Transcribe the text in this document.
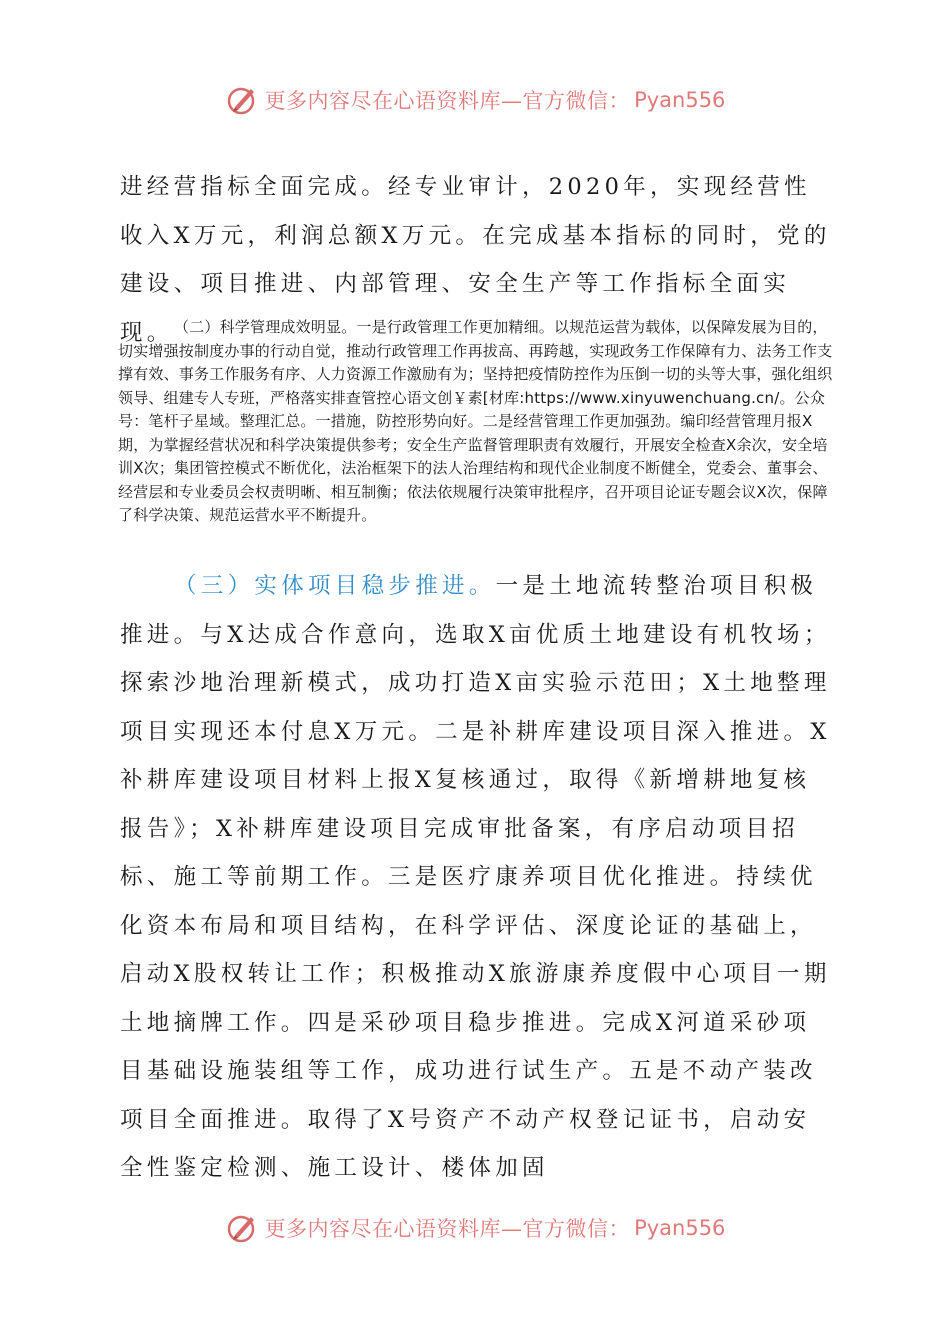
更多内容尽在心语资料库—官方微信： Pyan556

进经营指标全面完成。经专业审计，2020年，实现经营性收入X万元，利润总额X万元。在完成基本指标的同时，党的建设、项目推进、内部管理、安全生产等工作指标全面实现。 （二）科学管理成效明显。一是行政管理工作更加精细。以规范运营为载体，以保障发展为目的，切实增强按制度办事的行动自觉，推动行政管理工作再拔高、再跨越，实现政务工作保障有力、法务工作支撑有效、事务工作服务有序、人力资源工作激励有为；坚持把疫情防控作为压倒一切的头等大事，强化组织领导、组建专人专班，严格落实排查管控心语文创￥素[材库:https://www.xinyuwenchuang.cn/。公众号：笔杆子星域。整理汇总。一措施，防控形势向好。二是经营管理工作更加强劲。编印经营管理月报X期，为掌握经营状况和科学决策提供参考；安全生产监督管理职责有效履行，开展安全检查X余次，安全培训X次；集团管控模式不断优化，法治框架下的法人治理结构和现代企业制度不断健全，党委会、董事会、经营层和专业委员会权责明晰、相互制衡；依法依规履行决策审批程序，召开项目论证专题会议X次，保障了科学决策、规范运营水平不断提升。

（三）实体项目稳步推进。一是土地流转整治项目积极推进。与X达成合作意向，选取X亩优质土地建设有机牧场；探索沙地治理新模式，成功打造X亩实验示范田；X土地整理项目实现还本付息X万元。二是补耕库建设项目深入推进。X补耕库建设项目材料上报X复核通过，取得《新增耕地复核报告》；X补耕库建设项目完成审批备案，有序启动项目招标、施工等前期工作。三是医疗康养项目优化推进。持续优化资本布局和项目结构，在科学评估、深度论证的基础上，启动X股权转让工作；积极推动X旅游康养度假中心项目一期土地摘牌工作。四是采砂项目稳步推进。完成X河道采砂项目基础设施装组等工作，成功进行试生产。五是不动产装改项目全面推进。取得了X号资产不动产权登记证书，启动安全性鉴定检测、施工设计、楼体加固

更多内容尽在心语资料库—官方微信： Pyan556
